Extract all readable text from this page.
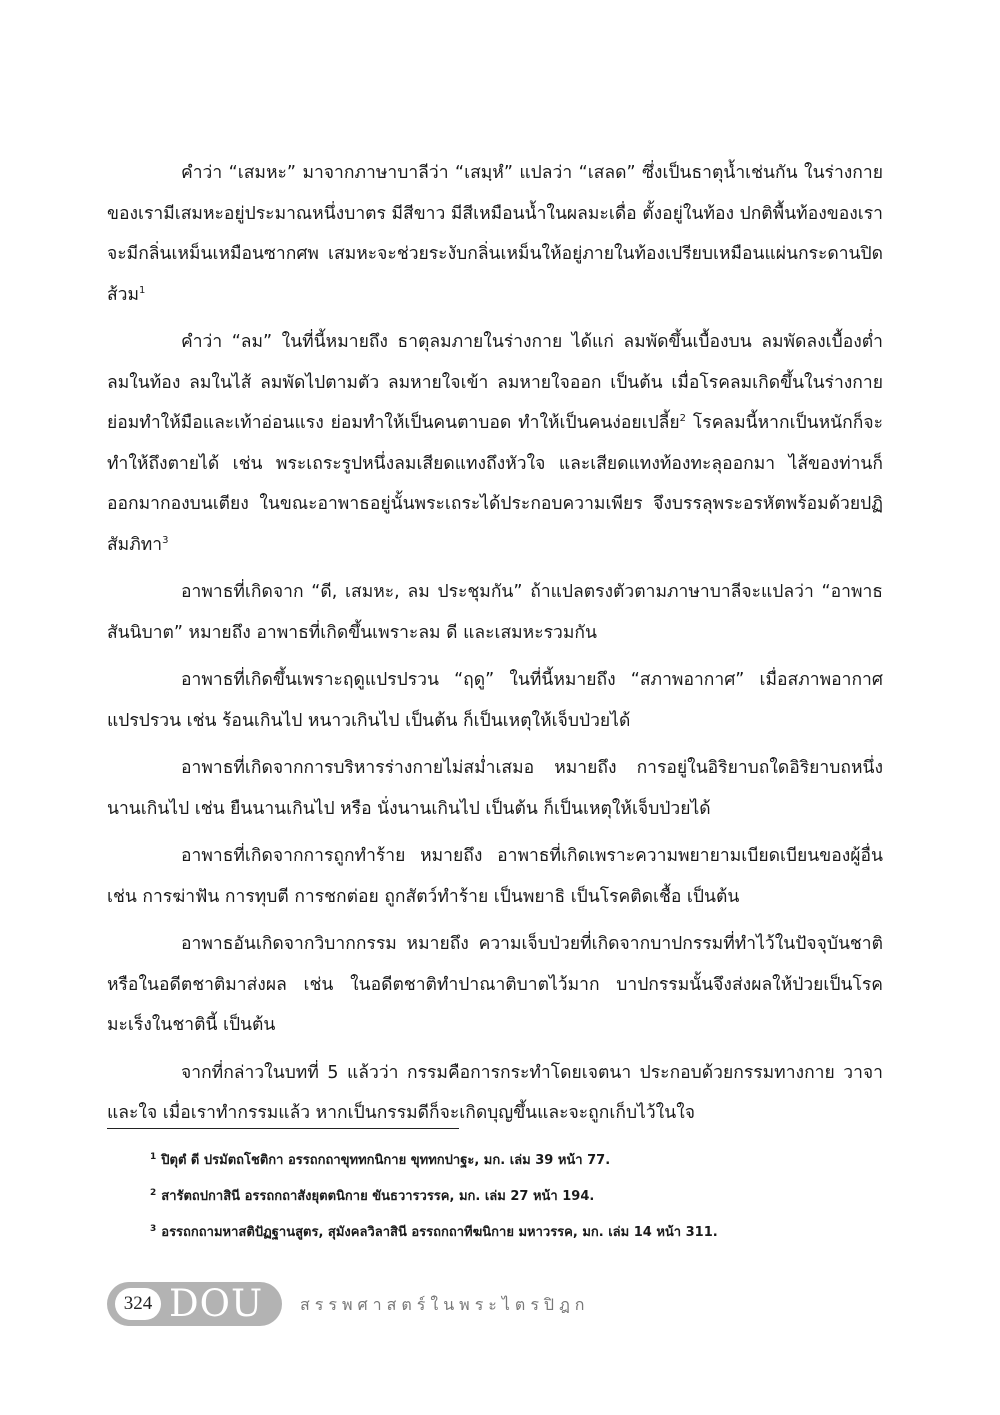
คำว่า “เสมหะ” มาจากภาษาบาลีว่า “เสมฺหํ” แปลว่า “เสลด” ซึ่งเป็นธาตุน้ำเช่นกัน ในร่างกายของเรามีเสมหะอยู่ประมาณหนึ่งบาตร มีสีขาว มีสีเหมือนน้ำในผลมะเดื่อ ตั้งอยู่ในท้อง ปกติพื้นท้องของเราจะมีกลิ่นเหม็นเหมือนซากศพ เสมหะจะช่วยระงับกลิ่นเหม็นให้อยู่ภายในท้องเปรียบเหมือนแผ่นกระดานปิดส้วม$^1$

คำว่า “ลม” ในที่นี้หมายถึง ธาตุลมภายในร่างกาย ได้แก่ ลมพัดขึ้นเบื้องบน ลมพัดลงเบื้องต่ำ ลมในท้อง ลมในไส้ ลมพัดไปตามตัว ลมหายใจเข้า ลมหายใจออก เป็นต้น เมื่อโรคลมเกิดขึ้นในร่างกาย ย่อมทำให้มือและเท้าอ่อนแรง ย่อมทำให้เป็นคนตาบอด ทำให้เป็นคนง่อยเปลี้ย$^2$ โรคลมนี้หากเป็นหนักก็จะทำให้ถึงตายได้ เช่น พระเถระรูปหนึ่งลมเสียดแทงถึงหัวใจ และเสียดแทงท้องทะลุออกมา ไส้ของท่านก็ออกมากองบนเตียง ในขณะอาพาธอยู่นั้นพระเถระได้ประกอบความเพียร จึงบรรลุพระอรหัตพร้อมด้วยปฏิสัมภิทา$^3$

อาพาธที่เกิดจาก “ดี, เสมหะ, ลม ประชุมกัน” ถ้าแปลตรงตัวตามภาษาบาลีจะแปลว่า “อาพาธสันนิบาต” หมายถึง อาพาธที่เกิดขึ้นเพราะลม ดี และเสมหะรวมกัน

อาพาธที่เกิดขึ้นเพราะฤดูแปรปรวน “ฤดู” ในที่นี้หมายถึง “สภาพอากาศ” เมื่อสภาพอากาศแปรปรวน เช่น ร้อนเกินไป หนาวเกินไป เป็นต้น ก็เป็นเหตุให้เจ็บป่วยได้

อาพาธที่เกิดจากการบริหารร่างกายไม่สม่ำเสมอ หมายถึง การอยู่ในอิริยาบถใดอิริยาบถหนึ่งนานเกินไป เช่น ยืนนานเกินไป หรือ นั่งนานเกินไป เป็นต้น ก็เป็นเหตุให้เจ็บป่วยได้

อาพาธที่เกิดจากการถูกทำร้าย หมายถึง อาพาธที่เกิดเพราะความพยายามเบียดเบียนของผู้อื่น เช่น การฆ่าฟัน การทุบตี การชกต่อย ถูกสัตว์ทำร้าย เป็นพยาธิ เป็นโรคติดเชื้อ เป็นต้น

อาพาธอันเกิดจากวิบากกรรม หมายถึง ความเจ็บป่วยที่เกิดจากบาปกรรมที่ทำไว้ในปัจจุบันชาติหรือในอดีตชาติมาส่งผล เช่น ในอดีตชาติทำปาณาติบาตไว้มาก บาปกรรมนั้นจึงส่งผลให้ป่วยเป็นโรคมะเร็งในชาตินี้ เป็นต้น

จากที่กล่าวในบทที่ 5 แล้วว่า กรรมคือการกระทำโดยเจตนา ประกอบด้วยกรรมทางกาย วาจา และใจ เมื่อเราทำกรรมแล้ว หากเป็นกรรมดีก็จะเกิดบุญขึ้นและจะถูกเก็บไว้ในใจ

$^1$ ปิตุตํ ดี ปรมัตถโชติกา อรรถกถาขุททกนิกาย ขุททกปาฐะ, มก. เล่ม 39 หน้า 77.
$^2$ สารัตถปกาสินี อรรถกถาสังยุตตนิกาย ขันธวารวรรค, มก. เล่ม 27 หน้า 194.
$^3$ อรรถกถามหาสติปัฏฐานสูตร, สุมังคลวิลาสินี อรรถกถาทีฆนิกาย มหาวรรค, มก. เล่ม 14 หน้า 311.
324 DOU สรรพศาสตร์ในพระไตรปิฎก
